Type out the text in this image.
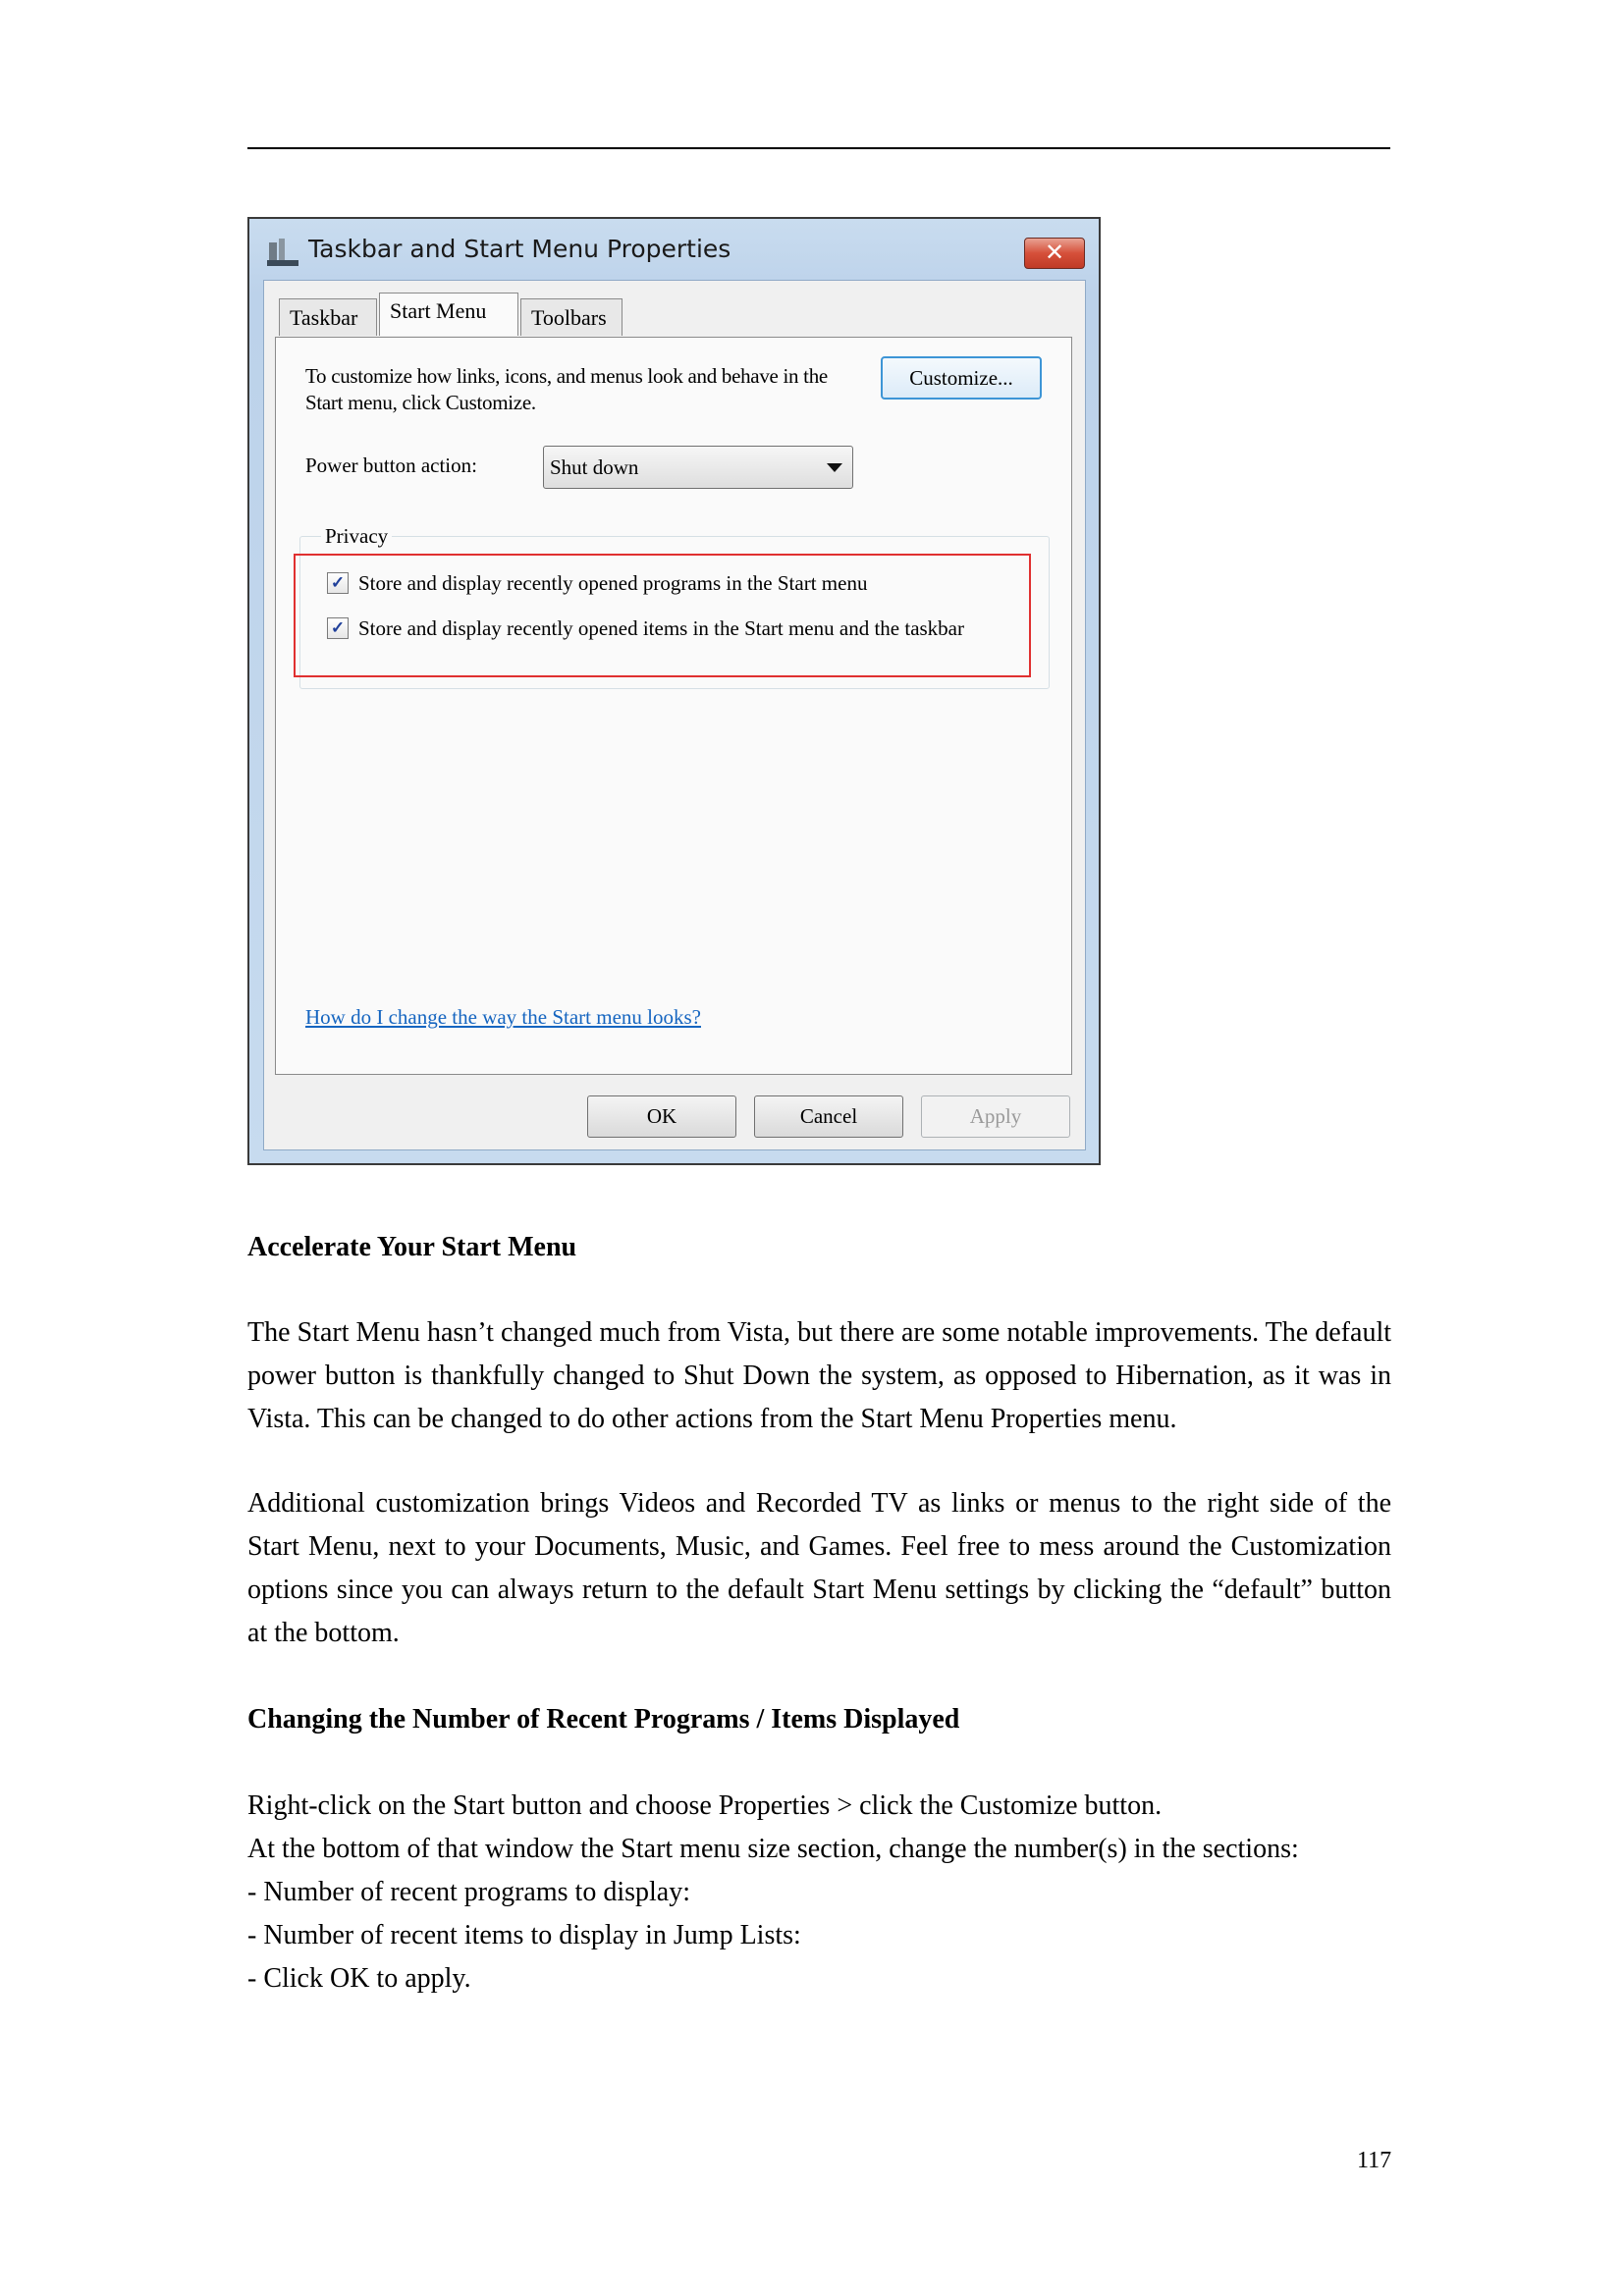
Taskbar and Start Menu Properties	✕
Taskbar	Start Menu	Toolbars
To customize how links, icons, and menus look and behave in the Start menu, click Customize.
Customize...
Power button action:	Shut down
Privacy
✓ Store and display recently opened programs in the Start menu
✓ Store and display recently opened items in the Start menu and the taskbar
How do I change the way the Start menu looks?
OK	Cancel	Apply
Accelerate Your Start Menu
The Start Menu hasn’t changed much from Vista, but there are some notable improvements. The default power button is thankfully changed to Shut Down the system, as opposed to Hibernation, as it was in Vista. This can be changed to do other actions from the Start Menu Properties menu.
Additional customization brings Videos and Recorded TV as links or menus to the right side of the Start Menu, next to your Documents, Music, and Games. Feel free to mess around the Customization options since you can always return to the default Start Menu settings by clicking the “default” button at the bottom.
Changing the Number of Recent Programs / Items Displayed
Right-click on the Start button and choose Properties > click the Customize button.
At the bottom of that window the Start menu size section, change the number(s) in the sections:
- Number of recent programs to display:
- Number of recent items to display in Jump Lists:
- Click OK to apply.
117
